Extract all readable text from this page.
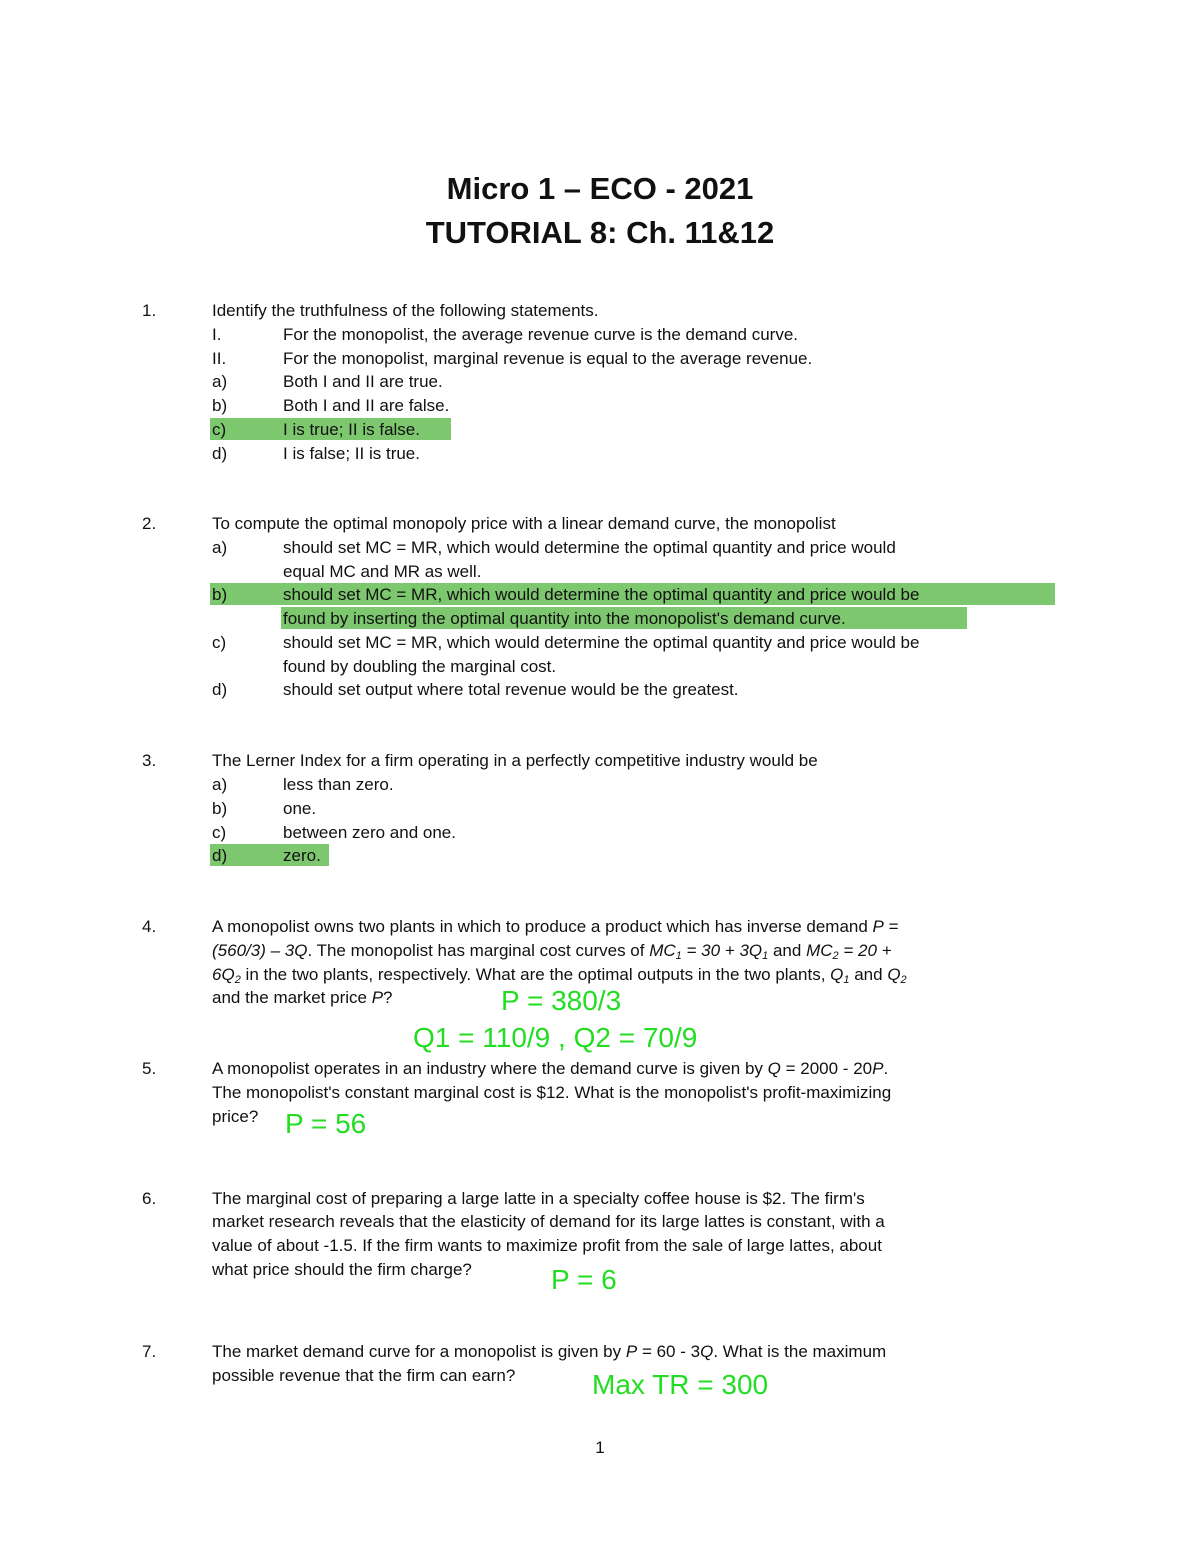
Micro 1 – ECO - 2021
TUTORIAL 8: Ch. 11&12
1.	Identify the truthfulness of the following statements.
I.	For the monopolist, the average revenue curve is the demand curve.
II.	For the monopolist, marginal revenue is equal to the average revenue.
a)	Both I and II are true.
b)	Both I and II are false.
c)	I is true; II is false.
d)	I is false; II is true.
2.	To compute the optimal monopoly price with a linear demand curve, the monopolist
a)	should set MC = MR, which would determine the optimal quantity and price would
equal MC and MR as well.
b)	should set MC = MR, which would determine the optimal quantity and price would be
found by inserting the optimal quantity into the monopolist's demand curve.
c)	should set MC = MR, which would determine the optimal quantity and price would be
found by doubling the marginal cost.
d)	should set output where total revenue would be the greatest.
3.	The Lerner Index for a firm operating in a perfectly competitive industry would be
a)	less than zero.
b)	one.
c)	between zero and one.
d)	zero.
4.	A monopolist owns two plants in which to produce a product which has inverse demand P =
(560/3) – 3Q. The monopolist has marginal cost curves of $MC_1 = 30 + 3Q_1$ and $MC_2 = 20$ +
$6Q_2$ in the two plants, respectively. What are the optimal outputs in the two plants, $Q_1$ and $Q_2$
and the market price P?	P = 380/3
Q1 = 110/9 , Q2 = 70/9
5.	A monopolist operates in an industry where the demand curve is given by Q = 2000 - 20P.
The monopolist's constant marginal cost is $12. What is the monopolist's profit-maximizing
price? P = 56
6.	The marginal cost of preparing a large latte in a specialty coffee house is $2. The firm's
market research reveals that the elasticity of demand for its large lattes is constant, with a
value of about -1.5. If the firm wants to maximize profit from the sale of large lattes, about
what price should the firm charge?	P = 6
7.	The market demand curve for a monopolist is given by P = 60 - 3Q. What is the maximum
possible revenue that the firm can earn?	Max TR = 300
1
